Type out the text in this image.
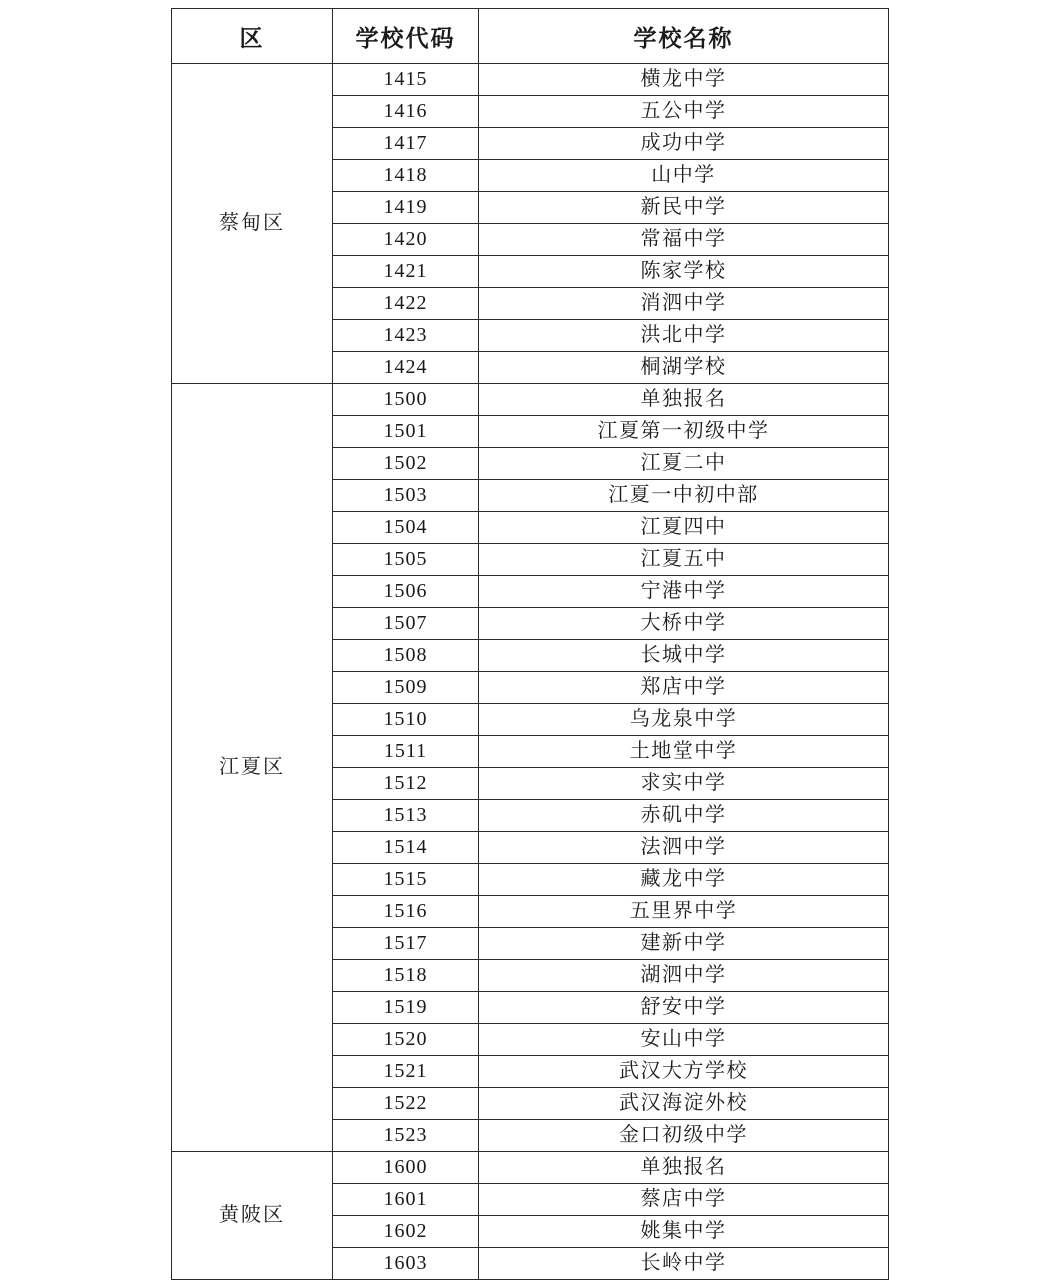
区	学校代码	学校名称
蔡甸区	1415	横龙中学
	1416	五公中学
	1417	成功中学
	1418	山中学
	1419	新民中学
	1420	常福中学
	1421	陈家学校
	1422	消泗中学
	1423	洪北中学
	1424	桐湖学校
江夏区	1500	单独报名
	1501	江夏第一初级中学
	1502	江夏二中
	1503	江夏一中初中部
	1504	江夏四中
	1505	江夏五中
	1506	宁港中学
	1507	大桥中学
	1508	长城中学
	1509	郑店中学
	1510	乌龙泉中学
	1511	土地堂中学
	1512	求实中学
	1513	赤矶中学
	1514	法泗中学
	1515	藏龙中学
	1516	五里界中学
	1517	建新中学
	1518	湖泗中学
	1519	舒安中学
	1520	安山中学
	1521	武汉大方学校
	1522	武汉海淀外校
	1523	金口初级中学
黄陂区	1600	单独报名
	1601	蔡店中学
	1602	姚集中学
	1603	长岭中学
